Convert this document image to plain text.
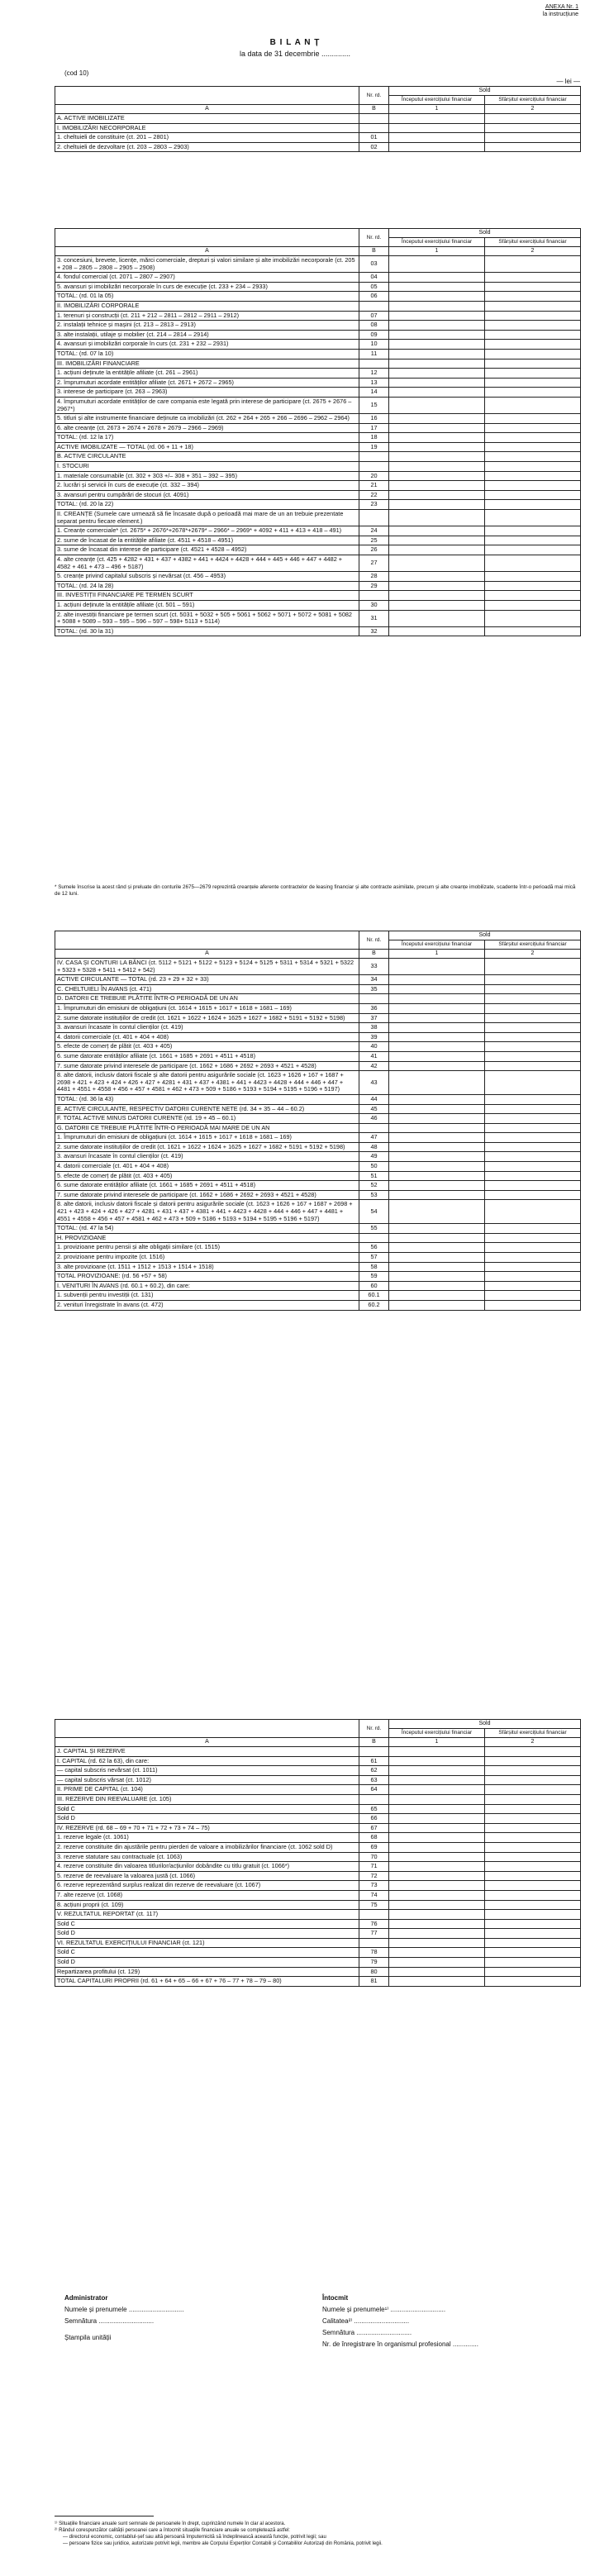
ANEXA Nr. 1
la instrucțiune
B I L A N Ț
la data de 31 decembrie ..............
(cod 10)
— lei —
	Nr. rd.	Sold	
		Începutul exercițiului financiar	Sfârșitul exercițiului financiar
A	B	1	2
A. ACTIVE IMOBILIZATE			
I. IMOBILIZĂRI NECORPORALE			
1. cheltuieli de constituire (ct. 201 – 2801)	01		
2. cheltuieli de dezvoltare (ct. 203 – 2803 – 2903)	02		
	Nr. rd.	Sold	
		Începutul exercițiului financiar	Sfârșitul exercițiului financiar
A	B	1	2
3. concesiuni, brevete, licențe, mărci comerciale, drepturi și valori similare și alte imobilizări necorporale (ct. 205 + 208 – 2805 – 2808 – 2905 – 2908)	03		
4. fondul comercial (ct. 2071 – 2807 – 2907)	04		
5. avansuri și imobilizări necorporale în curs de execuție (ct. 233 + 234 – 2933)	05		
TOTAL: (rd. 01 la 05)	06		
II. IMOBILIZĂRI CORPORALE			
1. terenuri și construcții (ct. 211 + 212 – 2811 – 2812 – 2911 – 2912)	07		
2. instalații tehnice și mașini (ct. 213 – 2813 – 2913)	08		
3. alte instalații, utilaje și mobilier (ct. 214 – 2814 – 2914)	09		
4. avansuri și imobilizări corporale în curs (ct. 231 + 232 – 2931)	10		
TOTAL: (rd. 07 la 10)	11		
III. IMOBILIZĂRI FINANCIARE			
1. acțiuni deținute la entitățile afiliate (ct. 261 – 2961)	12		
2. împrumuturi acordate entităților afiliate (ct. 2671 + 2672 – 2965)	13		
3. interese de participare (ct. 263 – 2963)	14		
4. împrumuturi acordate entităților de care compania este legată prin interese de participare (ct. 2675 + 2676 – 2967*)	15		
5. titluri și alte instrumente financiare deținute ca imobilizări (ct. 262 + 264 + 265 + 266 – 2696 – 2962 – 2964)	16		
6. alte creanțe (ct. 2673 + 2674 + 2678 + 2679 – 2966 – 2969)	17		
TOTAL: (rd. 12 la 17)	18		
ACTIVE IMOBILIZATE — TOTAL (rd. 06 + 11 + 18)	19		
B. ACTIVE CIRCULANTE			
I. STOCURI			
1. materiale consumabile (ct. 302 + 303 +/– 308 + 351 – 392 – 395)	20		
2. lucrări și servicii în curs de execuție (ct. 332 – 394)	21		
3. avansuri pentru cumpărări de stocuri (ct. 4091)	22		
TOTAL: (rd. 20 la 22)	23		
II. CREANȚE (Sumele care urmează să fie încasate după o perioadă mai mare de un an trebuie prezentate separat pentru fiecare element.)			
1. Creanțe comerciale* (ct. 2675* + 2676*+2678*+2679* – 2966* – 2969* + 4092 + 411 + 413 + 418 – 491)	24		
2. sume de încasat de la entitățile afiliate (ct. 4511 + 4518 – 4951)	25		
3. sume de încasat din interese de participare (ct. 4521 + 4528 – 4952)	26		
4. alte creanțe (ct. 425 + 4282 + 431 + 437 + 4382 + 441 + 4424 + 4428 + 444 + 445 + 446 + 447 + 4482 + 4582 + 461 + 473 – 496 + 5187)	27		
5. creanțe privind capitalul subscris și nevărsat (ct. 456 – 4953)	28		
TOTAL: (rd. 24 la 28)	29		
III. INVESTIȚII FINANCIARE PE TERMEN SCURT			
1. acțiuni deținute la entitățile afiliate (ct. 501 – 591)	30		
2. alte investiții financiare pe termen scurt (ct. 5031 + 5032 + 505 + 5061 + 5062 + 5071 + 5072 + 5081 + 5082 + 5088 + 5089 – 593 – 595 – 596 – 597 – 598+ 5113 + 5114)	31		
TOTAL: (rd. 30 la 31)	32		
* Sumele înscrise la acest rând și preluate din conturile 2675—2679 reprezintă creanțele aferente contractelor de leasing financiar și alte contracte asimilate, precum și alte creanțe imobilizate, scadente într-o perioadă mai mică de 12 luni.
	Nr. rd.	Sold	
		Începutul exercițiului financiar	Sfârșitul exercițiului financiar
A	B	1	2
IV. CASA ȘI CONTURI LA BĂNCI (ct. 5112 + 5121 + 5122 + 5123 + 5124 + 5125 + 5311 + 5314 + 5321 + 5322 + 5323 + 5328 + 5411 + 5412 + 542)	33		
ACTIVE CIRCULANTE — TOTAL (rd. 23 + 29 + 32 + 33)	34		
C. CHELTUIELI ÎN AVANS (ct. 471)	35		
D. DATORII CE TREBUIE PLĂTITE ÎNTR-O PERIOADĂ DE UN AN			
1. Împrumuturi din emisiuni de obligațiuni (ct. 1614 + 1615 + 1617 + 1618 + 1681 – 169)	36		
2. sume datorate instituțiilor de credit (ct. 1621 + 1622 + 1624 + 1625 + 1627 + 1682 + 5191 + 5192 + 5198)	37		
3. avansuri încasate în contul clienților (ct. 419)	38		
4. datorii comerciale (ct. 401 + 404 + 408)	39		
5. efecte de comerț de plătit (ct. 403 + 405)	40		
6. sume datorate entităților afiliate (ct. 1661 + 1685 + 2691 + 4511 + 4518)	41		
7. sume datorate privind interesele de participare (ct. 1662 + 1686 + 2692 + 2693 + 4521 + 4528)	42		
8. alte datorii, inclusiv datorii fiscale și alte datorii pentru asigurările sociale (ct. 1623 + 1626 + 167 + 1687 + 2698 + 421 + 423 + 424 + 426 + 427 + 4281 + 431 + 437 + 4381 + 441 + 4423 + 4428 + 444 + 446 + 447 + 4481 + 4551 + 4558 + 456 + 457 + 4581 + 462 + 473 + 509 + 5186 + 5193 + 5194 + 5195 + 5196 + 5197)	43		
TOTAL: (rd. 36 la 43)	44		
E. ACTIVE CIRCULANTE, RESPECTIV DATORII CURENTE NETE (rd. 34 + 35 – 44 – 60.2)	45		
F. TOTAL ACTIVE MINUS DATORII CURENTE (rd. 19 + 45 – 60.1)	46		
G. DATORII CE TREBUIE PLĂTITE ÎNTR-O PERIOADĂ MAI MARE DE UN AN			
1. Împrumuturi din emisiuni de obligațiuni (ct. 1614 + 1615 + 1617 + 1618 + 1681 – 169)	47		
2. sume datorate instituțiilor de credit (ct. 1621 + 1622 + 1624 + 1625 + 1627 + 1682 + 5191 + 5192 + 5198)	48		
3. avansuri încasate în contul clienților (ct. 419)	49		
4. datorii comerciale (ct. 401 + 404 + 408)	50		
5. efecte de comerț de plătit (ct. 403 + 405)	51		
6. sume datorate entităților afiliate (ct. 1661 + 1685 + 2691 + 4511 + 4518)	52		
7. sume datorate privind interesele de participare (ct. 1662 + 1686 + 2692 + 2693 + 4521 + 4528)	53		
8. alte datorii, inclusiv datorii fiscale și datorii pentru asigurările sociale (ct. 1623 + 1626 + 167 + 1687 + 2698 + 421 + 423 + 424 + 426 + 427 + 4281 + 431 + 437 + 4381 + 441 + 4423 + 4428 + 444 + 446 + 447 + 4481 + 4551 + 4558 + 456 + 457 + 4581 + 462 + 473 + 509 + 5186 + 5193 + 5194 + 5195 + 5196 + 5197)	54		
TOTAL: (rd. 47 la 54)	55		
H. PROVIZIOANE			
1. provizioane pentru pensii și alte obligații similare (ct. 1515)	56		
2. provizioane pentru impozite (ct. 1516)	57		
3. alte provizioane (ct. 1511 + 1512 + 1513 + 1514 + 1518)	58		
TOTAL PROVIZIOANE: (rd. 56 +57 + 58)	59		
I. VENITURI ÎN AVANS (rd. 60.1 + 60.2), din care:	60		
1. subvenții pentru investiții (ct. 131)	60.1		
2. venituri înregistrate în avans (ct. 472)	60.2		
	Nr. rd.	Sold	
		Începutul exercițiului financiar	Sfârșitul exercițiului financiar
A	B	1	2
J. CAPITAL ȘI REZERVE			
I. CAPITAL (rd. 62 la 63), din care:	61		
— capital subscris nevărsat (ct. 1011)	62		
— capital subscris vărsat (ct. 1012)	63		
II. PRIME DE CAPITAL (ct. 104)	64		
III. REZERVE DIN REEVALUARE (ct. 105)			
Sold C	65		
Sold D	66		
IV. REZERVE (rd. 68 – 69 + 70 + 71 + 72 + 73 + 74 – 75)	67		
1. rezerve legale (ct. 1061)	68		
2. rezerve constituite din ajustările pentru pierderi de valoare a imobilizărilor financiare (ct. 1062 sold D)	69		
3. rezerve statutare sau contractuale (ct. 1063)	70		
4. rezerve constituite din valoarea titlurilor/acțiunilor dobândite cu titlu gratuit (ct. 1066*)	71		
5. rezerve de reevaluare la valoarea justă (ct. 1066)	72		
6. rezerve reprezentând surplus realizat din rezerve de reevaluare (ct. 1067)	73		
7. alte rezerve (ct. 1068)	74		
8. acțiuni proprii (ct. 109)	75		
V. REZULTATUL REPORTAT (ct. 117)			
Sold C	76		
Sold D	77		
VI. REZULTATUL EXERCIȚIULUI FINANCIAR (ct. 121)			
Sold C	78		
Sold D	79		
Repartizarea profitului (ct. 129)	80		
TOTAL CAPITALURI PROPRII (rd. 61 + 64 + 65 – 66 + 67 + 76 – 77 + 78 – 79 – 80)	81		
Administrator
Numele și prenumele ..............................
Semnătura ..............................
Ștampila unității
Întocmit
Numele și prenumele¹⁾ ..............................
Calitatea²⁾ ..............................
Semnătura ..............................
Nr. de înregistrare în organismul profesional ..............
¹⁾ Situațiile financiare anuale sunt semnate de persoanele în drept, cuprinzând numele în clar al acestora.
²⁾ Rândul corespunzător calității persoanei care a întocmit situațiile financiare anuale se completează astfel:
— directorul economic, contabilul-șef sau altă persoană împuternicită să îndeplinească această funcție, potrivit legii; sau
— persoane fizice sau juridice, autorizate potrivit legii, membre ale Corpului Experților Contabili și Contabililor Autorizați din România, potrivit legii.
